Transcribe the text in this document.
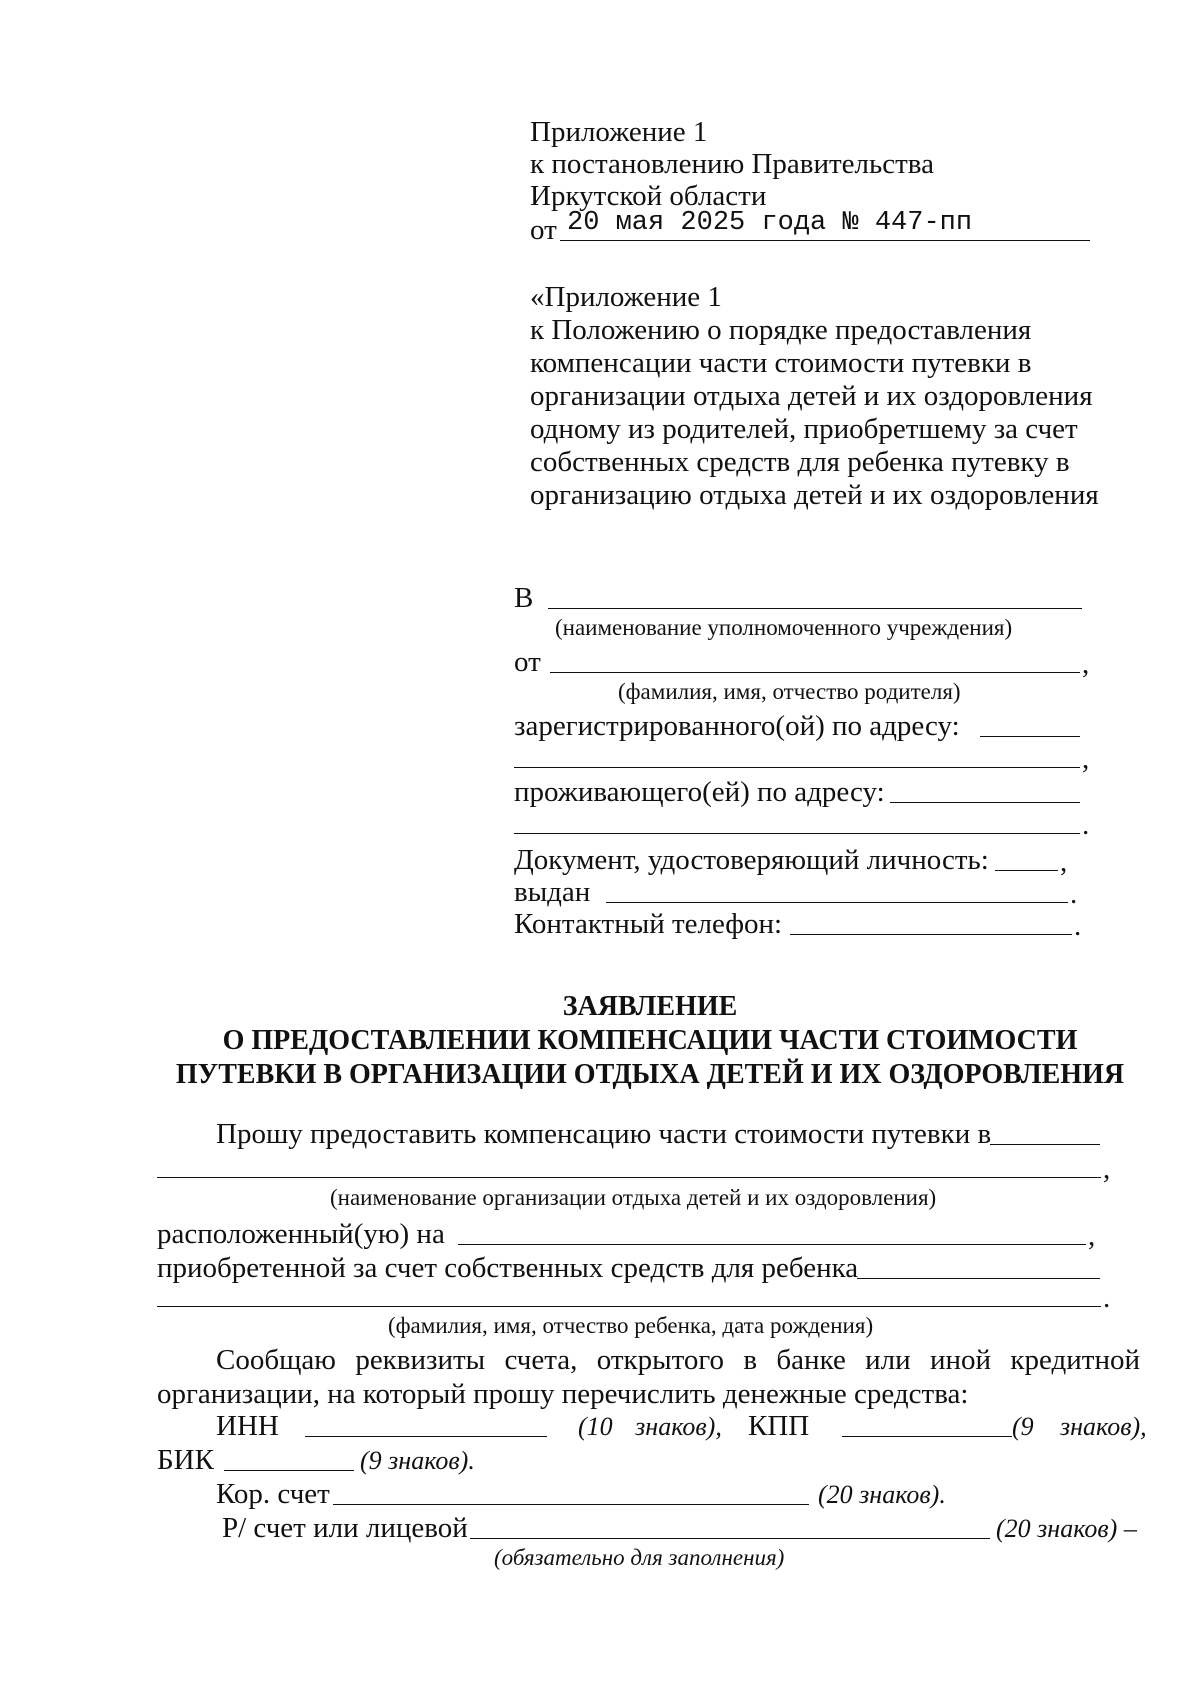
Приложение 1
к постановлению Правительства
Иркутской области
от 20 мая 2025 года № 447-пп
«Приложение 1
к Положению о порядке предоставления
компенсации части стоимости путевки в
организации отдыха детей и их оздоровления
одному из родителей, приобретшему за счет
собственных средств для ребенка путевку в
организацию отдыха детей и их оздоровления
В
(наименование уполномоченного учреждения)
от	,
(фамилия, имя, отчество родителя)
зарегистрированного(ой) по адресу:
,
проживающего(ей) по адресу:
.
Документ, удостоверяющий личность: ,
выдан	.
Контактный телефон:	.
ЗАЯВЛЕНИЕ
О ПРЕДОСТАВЛЕНИИ КОМПЕНСАЦИИ ЧАСТИ СТОИМОСТИ
ПУТЕВКИ В ОРГАНИЗАЦИИ ОТДЫХА ДЕТЕЙ И ИХ ОЗДОРОВЛЕНИЯ
Прошу предоставить компенсацию части стоимости путевки в
,
(наименование организации отдыха детей и их оздоровления)
расположенный(ую) на	,
приобретенной за счет собственных средств для ребенка
.
(фамилия, имя, отчество ребенка, дата рождения)
Сообщаю реквизиты счета, открытого в банке или иной кредитной
организации, на который прошу перечислить денежные средства:
ИНН	(10 знаков), КПП	(9 знаков),
БИК	(9 знаков).
Кор. счет	(20 знаков).
Р/ счет или лицевой	(20 знаков) –
(обязательно для заполнения)
